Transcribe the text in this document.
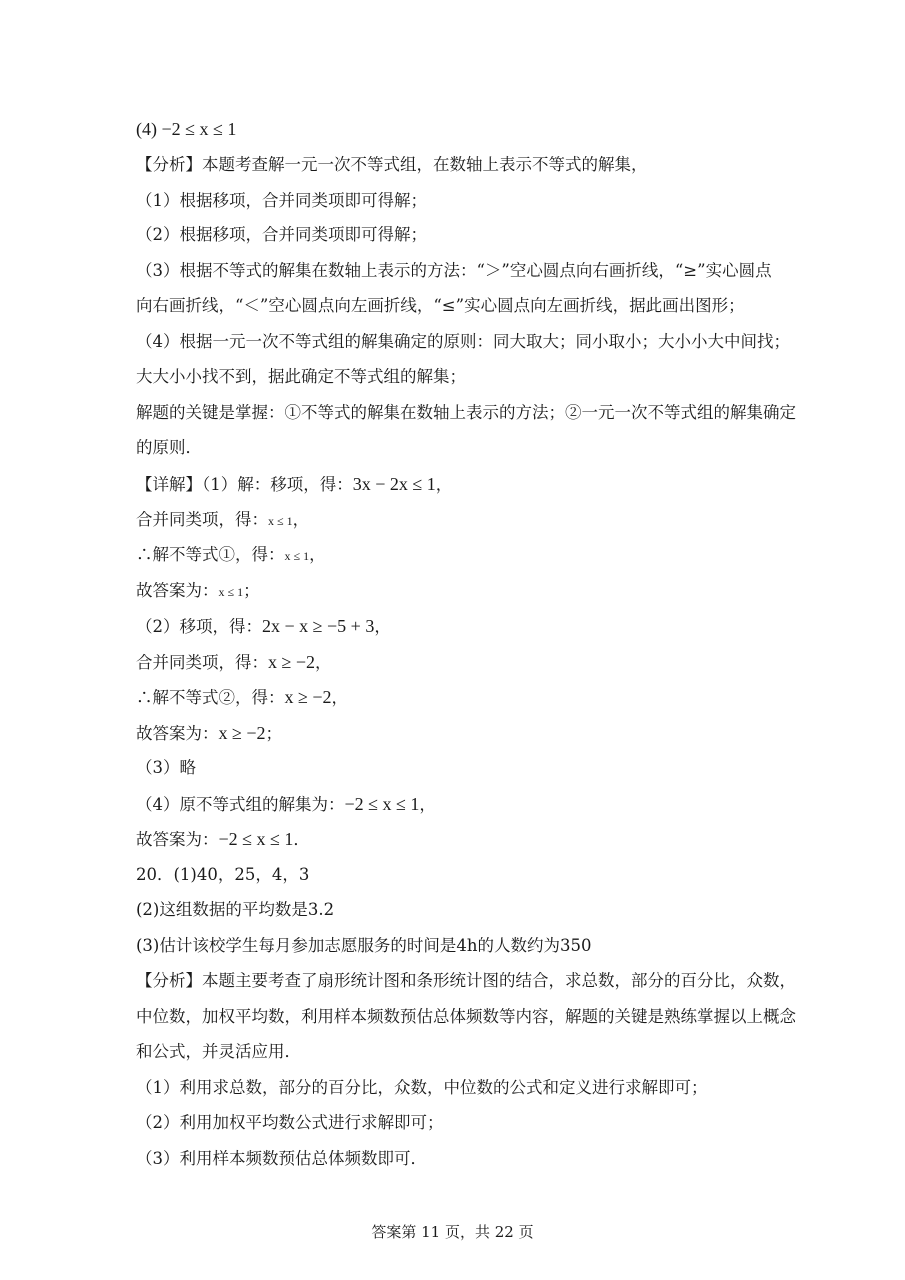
(4) −2 ≤ x ≤ 1
【分析】本题考查解一元一次不等式组，在数轴上表示不等式的解集，
（1）根据移项，合并同类项即可得解；
（2）根据移项，合并同类项即可得解；
（3）根据不等式的解集在数轴上表示的方法：“＞”空心圆点向右画折线，“≥”实心圆点
向右画折线，“＜”空心圆点向左画折线，“≤”实心圆点向左画折线，据此画出图形；
（4）根据一元一次不等式组的解集确定的原则：同大取大；同小取小；大小小大中间找；
大大小小找不到，据此确定不等式组的解集；
解题的关键是掌握：①不等式的解集在数轴上表示的方法；②一元一次不等式组的解集确定
的原则．
【详解】（1）解：移项，得：3x − 2x ≤ 1，
合并同类项，得：x ≤ 1，
∴解不等式①，得：x ≤ 1，
故答案为：x ≤ 1；
（2）移项，得：2x − x ≥ −5 + 3，
合并同类项，得：x ≥ −2，
∴解不等式②，得：x ≥ −2，
故答案为：x ≥ −2；
（3）略
（4）原不等式组的解集为：−2 ≤ x ≤ 1，
故答案为：−2 ≤ x ≤ 1．
20．(1)40，25，4，3
(2)这组数据的平均数是3.2
(3)估计该校学生每月参加志愿服务的时间是4h的人数约为350
【分析】本题主要考查了扇形统计图和条形统计图的结合，求总数，部分的百分比，众数，
中位数，加权平均数，利用样本频数预估总体频数等内容，解题的关键是熟练掌握以上概念
和公式，并灵活应用．
（1）利用求总数，部分的百分比，众数，中位数的公式和定义进行求解即可；
（2）利用加权平均数公式进行求解即可；
（3）利用样本频数预估总体频数即可．
答案第 11 页，共 22 页
